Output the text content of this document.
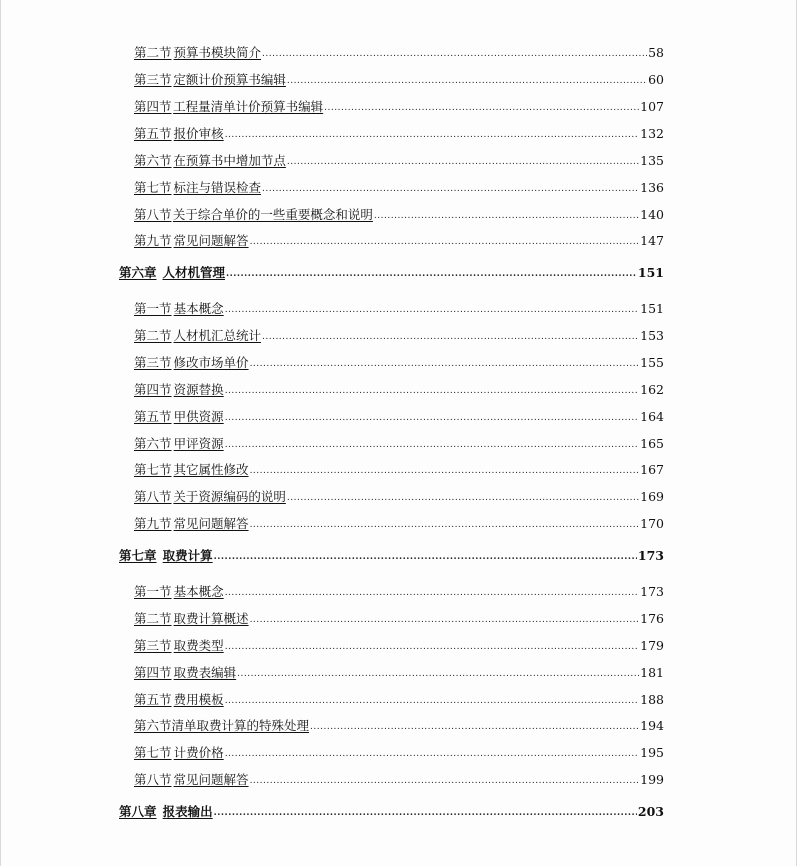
第二节 预算书模块简介 .....	58
第三节 定额计价预算书编辑 .....	60
第四节 工程量清单计价预算书编辑 .....	107
第五节 报价审核 .....	132
第六节 在预算书中增加节点 .....	135
第七节 标注与错误检查 .....	136
第八节 关于综合单价的一些重要概念和说明 .....	140
第九节 常见问题解答 .....	147
第六章 人材机管理 .....	151
第一节 基本概念 .....	151
第二节 人材机汇总统计 .....	153
第三节 修改市场单价 .....	155
第四节 资源替换 .....	162
第五节 甲供资源 .....	164
第六节 甲评资源 .....	165
第七节 其它属性修改 .....	167
第八节 关于资源编码的说明 .....	169
第九节 常见问题解答 .....	170
第七章 取费计算 .....	173
第一节 基本概念 .....	173
第二节 取费计算概述 .....	176
第三节 取费类型 .....	179
第四节 取费表编辑 .....	181
第五节 费用模板 .....	188
第六节 清单取费计算的特殊处理 .....	194
第七节 计费价格 .....	195
第八节 常见问题解答 .....	199
第八章 报表输出 .....	203
